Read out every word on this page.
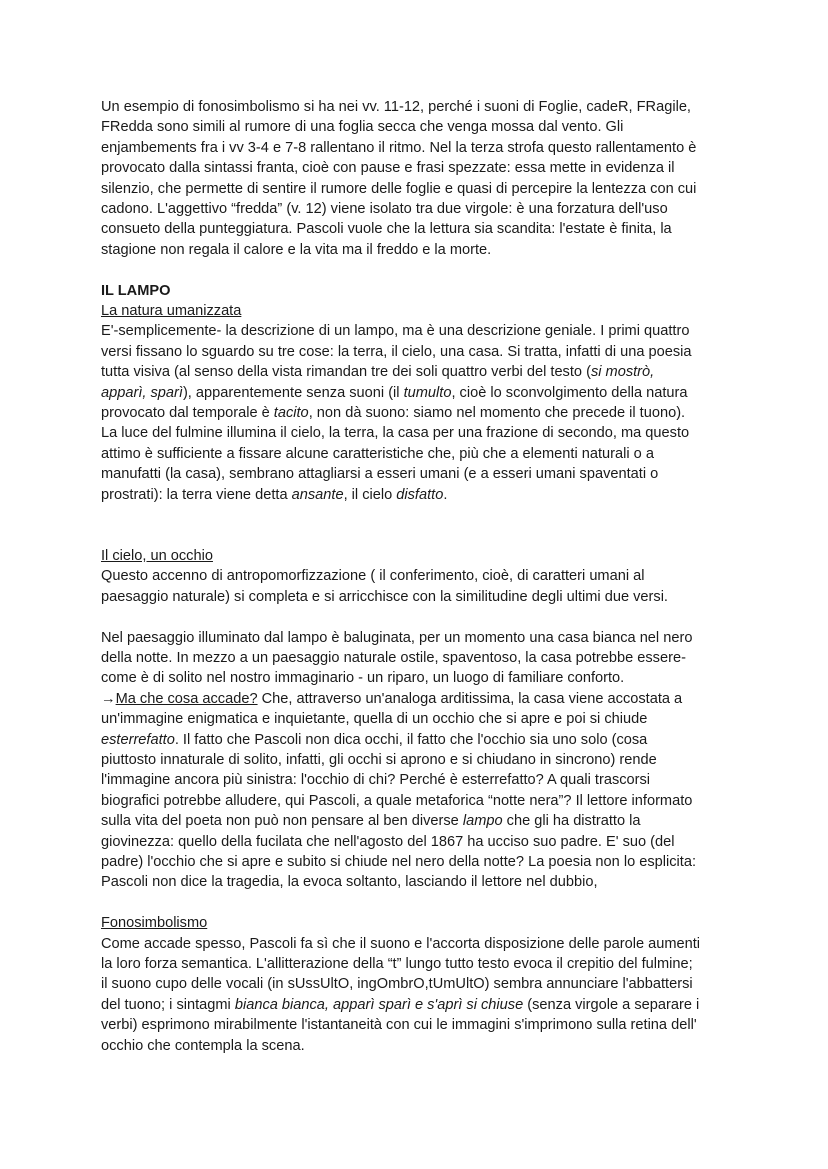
Un esempio di fonosimbolismo si ha nei vv. 11-12, perché i suoni di Foglie, cadeR, FRagile,
FRedda sono simili al rumore di una foglia secca che venga mossa dal vento. Gli
enjambements fra i vv 3-4 e 7-8 rallentano il ritmo. Nel la terza strofa questo rallentamento è
provocato dalla sintassi franta, cioè con pause e frasi spezzate: essa mette in evidenza il
silenzio, che permette di sentire il rumore delle foglie e quasi di percepire la lentezza con cui
cadono. L'aggettivo “fredda” (v. 12) viene isolato tra due virgole: è una forzatura dell'uso
consueto della punteggiatura. Pascoli vuole che la lettura sia scandita: l'estate è finita, la
stagione non regala il calore e la vita ma il freddo e la morte.

IL LAMPO

La natura umanizzata

E'-semplicemente- la descrizione di un lampo, ma è una descrizione geniale. I primi quattro
versi fissano lo sguardo su tre cose: la terra, il cielo, una casa. Si tratta, infatti di una poesia
tutta visiva (al senso della vista rimandan tre dei soli quattro verbi del testo (si mostrò,
apparì, sparì), apparentemente senza suoni (il tumulto, cioè lo sconvolgimento della natura
provocato dal temporale è tacito, non dà suono: siamo nel momento che precede il tuono).
La luce del fulmine illumina il cielo, la terra, la casa per una frazione di secondo, ma questo
attimo è sufficiente a fissare alcune caratteristiche che, più che a elementi naturali o a
manufatti (la casa), sembrano attagliarsi a esseri umani (e a esseri umani spaventati o
prostrati): la terra viene detta ansante, il cielo disfatto.

Il cielo, un occhio

Questo accenno di antropomorfizzazione ( il conferimento, cioè, di caratteri umani al
paesaggio naturale) si completa e si arricchisce con la similitudine degli ultimi due versi.

Nel paesaggio illuminato dal lampo è baluginata, per un momento una casa bianca nel nero
della notte. In mezzo a un paesaggio naturale ostile, spaventoso, la casa potrebbe essere-
come è di solito nel nostro immaginario - un riparo, un luogo di familiare conforto.
→Ma che cosa accade? Che, attraverso un'analoga arditissima, la casa viene accostata a
un'immagine enigmatica e inquietante, quella di un occhio che si apre e poi si chiude
esterrefatto. Il fatto che Pascoli non dica occhi, il fatto che l'occhio sia uno solo (cosa
piuttosto innaturale di solito, infatti, gli occhi si aprono e si chiudano in sincrono) rende
l'immagine ancora più sinistra: l'occhio di chi? Perché è esterrefatto? A quali trascorsi
biografici potrebbe alludere, qui Pascoli, a quale metaforica “notte nera”? Il lettore informato
sulla vita del poeta non può non pensare al ben diverse lampo che gli ha distratto la
giovinezza: quello della fucilata che nell'agosto del 1867 ha ucciso suo padre. E' suo (del
padre) l'occhio che si apre e subito si chiude nel nero della notte? La poesia non lo esplicita:
Pascoli non dice la tragedia, la evoca soltanto, lasciando il lettore nel dubbio,

Fonosimbolismo

Come accade spesso, Pascoli fa sì che il suono e l'accorta disposizione delle parole aumenti
la loro forza semantica. L'allitterazione della “t” lungo tutto testo evoca il crepitio del fulmine;
il suono cupo delle vocali (in sUssUltO, ingOmbrO,tUmUltO) sembra annunciare l'abbattersi
del tuono; i sintagmi bianca bianca, apparì sparì e s'aprì si chiuse (senza virgole a separare i
verbi) esprimono mirabilmente l'istantaneità con cui le immagini s'imprimono sulla retina dell'
occhio che contempla la scena.
